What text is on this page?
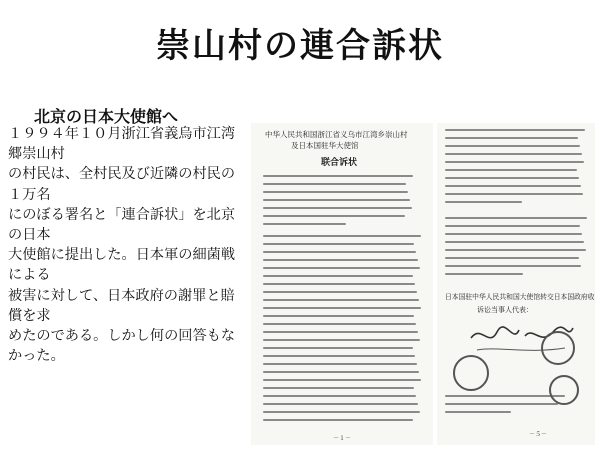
崇山村の連合訴状
北京の日本大使館へ
１９９４年１０月浙江省義烏市江湾郷崇山村
の村民は、全村民及び近隣の村民の１万名
にのぼる署名と「連合訴状」を北京の日本
大使館に提出した。日本軍の細菌戦による
被害に対して、日本政府の謝罪と賠償を求
めたのである。しかし何の回答もなかった。
中华人民共和国浙江省义乌市江湾乡崇山村
及日本国驻华大使馆
联合诉状
－１－
日本国驻中华人民共和国大使馆转交日本国政府收
诉讼当事人代表：
－５－
